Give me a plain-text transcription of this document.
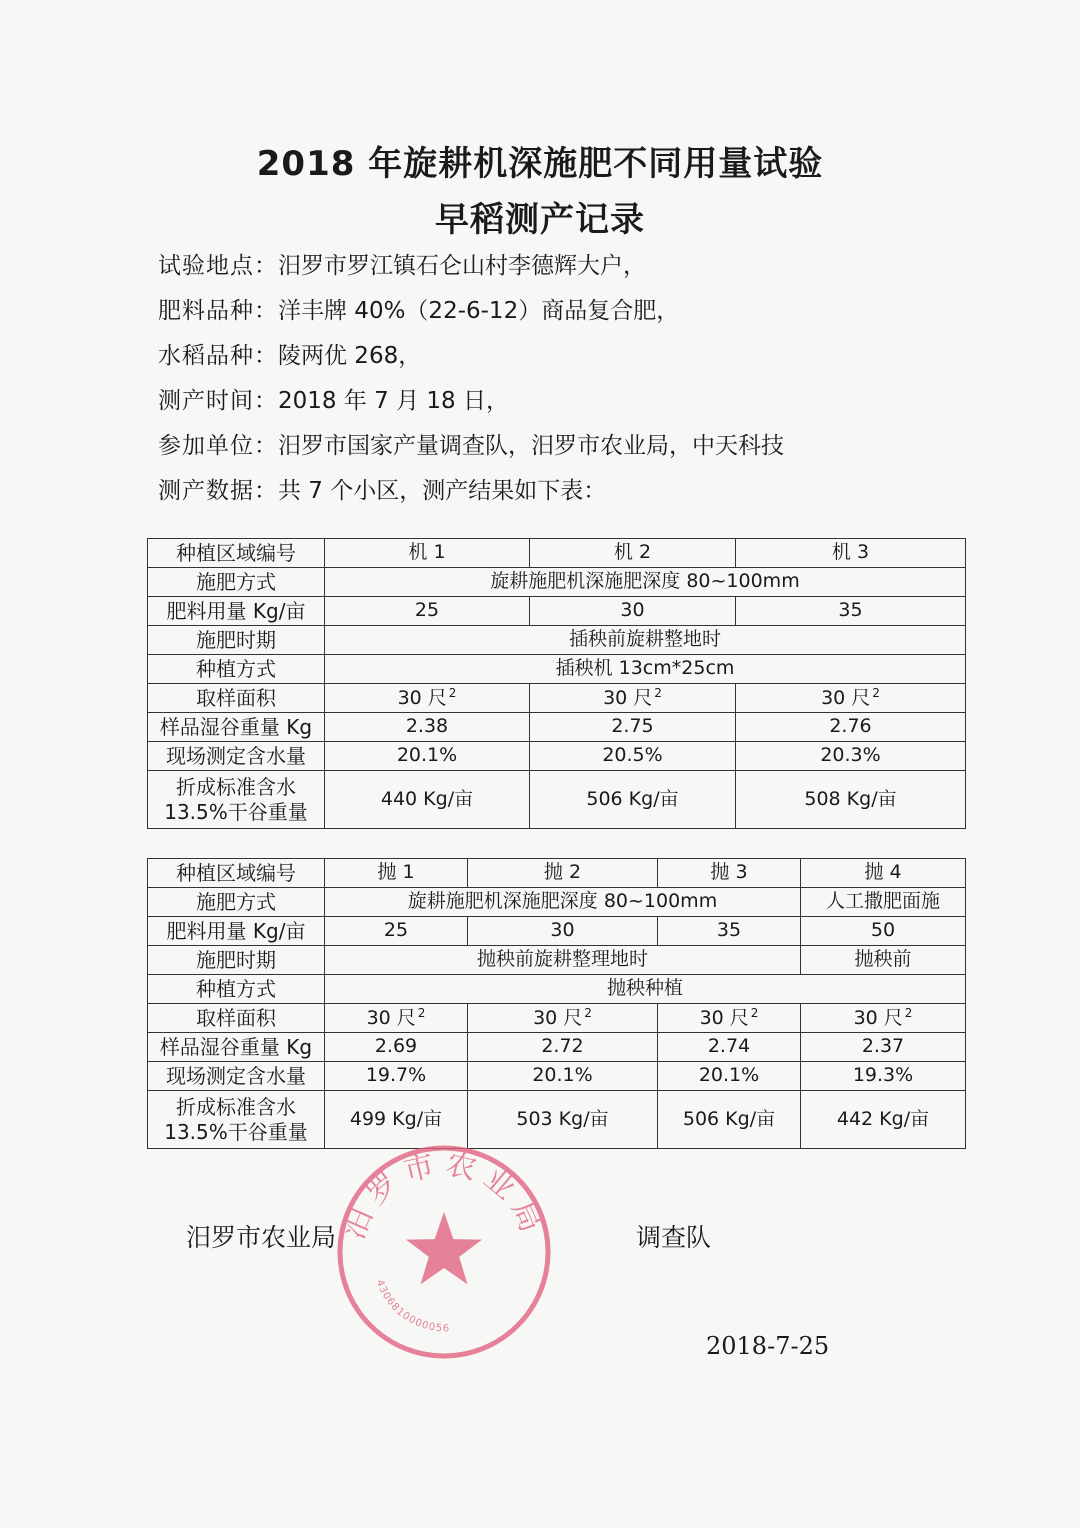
2018 年旋耕机深施肥不同用量试验
早稻测产记录
试验地点：汨罗市罗江镇石仑山村李德辉大户，
肥料品种：洋丰牌 40%（22-6-12）商品复合肥，
水稻品种：陵两优 268，
测产时间：2018 年 7 月 18 日，
参加单位：汨罗市国家产量调查队，汨罗市农业局，中天科技
测产数据：共 7 个小区，测产结果如下表：
种植区域编号	机 1	机 2	机 3
施肥方式	旋耕施肥机深施肥深度 80~100mm		
肥料用量 Kg/亩	25	30	35
施肥时期	插秧前旋耕整地时		
种植方式	插秧机 13cm*25cm		
取样面积	30 尺 $^2$	30 尺 $^2$	30 尺 $^2$
样品湿谷重量 Kg	2.38	2.75	2.76
现场测定含水量	20.1%	20.5%	20.3%

折成标准含水
13.5%干谷重量	440 Kg/亩	506 Kg/亩	508 Kg/亩
种植区域编号	抛 1	抛 2	抛 3	抛 4
施肥方式	旋耕施肥机深施肥深度 80~100mm			人工撒肥面施
肥料用量 Kg/亩	25	30	35	50
施肥时期	抛秧前旋耕整理地时			抛秧前
种植方式	抛秧种植			
取样面积	30 尺 $^2$	30 尺 $^2$	30 尺 $^2$	30 尺 $^2$
样品湿谷重量 Kg	2.69	2.72	2.74	2.37
现场测定含水量	19.7%	20.1%	20.1%	19.3%

折成标准含水
13.5%干谷重量	499 Kg/亩	503 Kg/亩	506 Kg/亩	442 Kg/亩
汨罗市农业局	调查队
2018-7-25
汨罗市农业局
4306810000056
